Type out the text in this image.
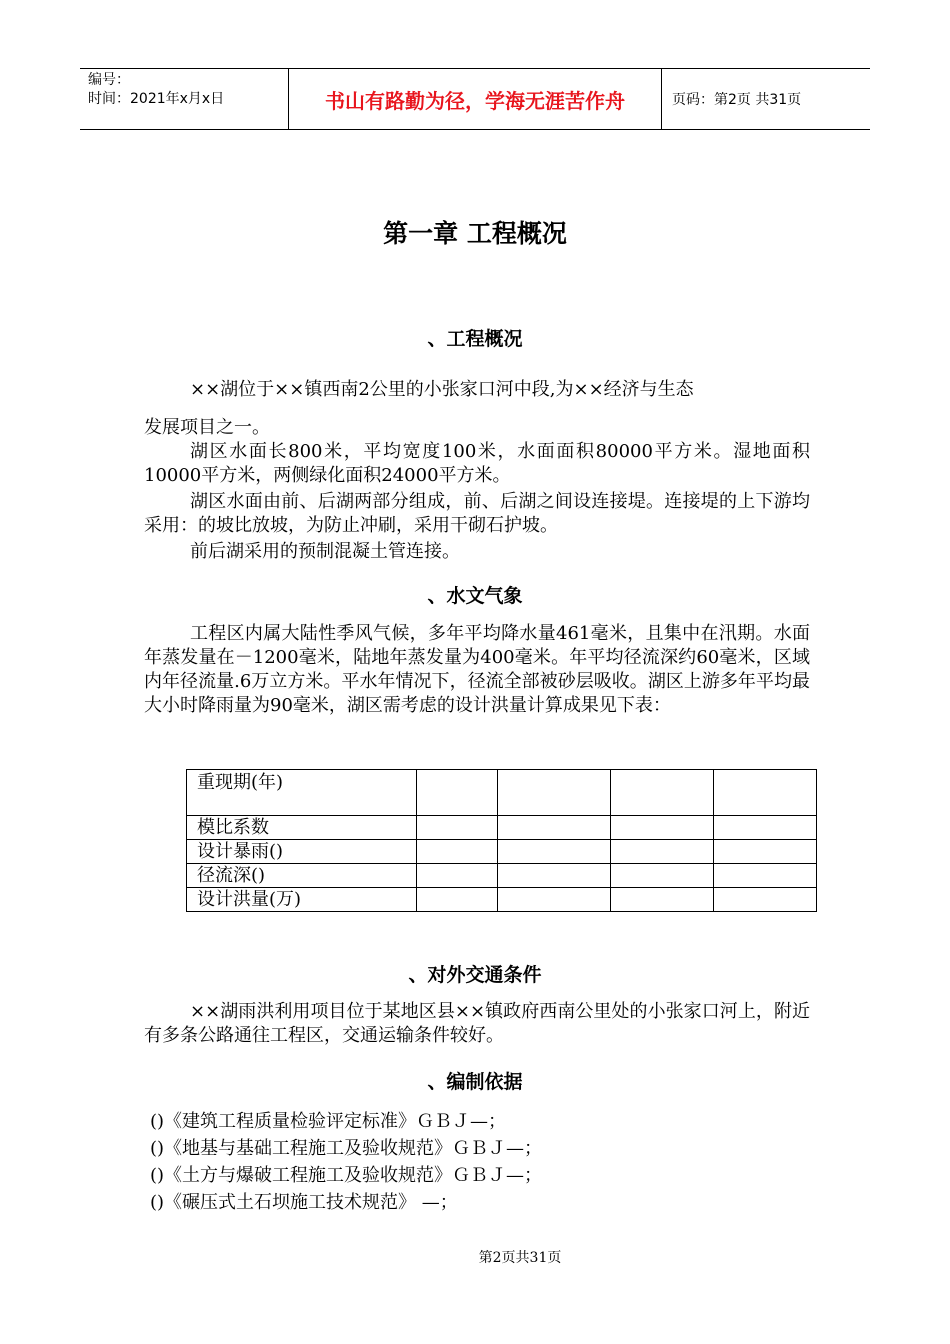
编号：
时间：2021年x月x日	书山有路勤为径，学海无涯苦作舟	页码：第2页 共31页
第一章 工程概况
、工程概况
××湖位于××镇西南2公里的小张家口河中段,为××经济与生态
发展项目之一。

湖区水面长800米，平均宽度100米，水面面积80000平方米。湿地面积10000平方米，两侧绿化面积24000平方米。

湖区水面由前、后湖两部分组成，前、后湖之间设连接堤。连接堤的上下游均采用：的坡比放坡，为防止冲刷，采用干砌石护坡。

前后湖采用的预制混凝土管连接。

、水文气象

工程区内属大陆性季风气候，多年平均降水量461毫米，且集中在汛期。水面年蒸发量在－1200毫米，陆地年蒸发量为400毫米。年平均径流深约60毫米，区域内年径流量.6万立方米。平水年情况下，径流全部被砂层吸收。湖区上游多年平均最大小时降雨量为90毫米，湖区需考虑的设计洪量计算成果见下表：

重现期(年)				
模比系数				
设计暴雨()				
径流深()				
设计洪量(万)				
、对外交通条件

××湖雨洪利用项目位于某地区县××镇政府西南公里处的小张家口河上，附近有多条公路通往工程区，交通运输条件较好。

、编制依据
()《建筑工程质量检验评定标准》ＧＢＪ—；
()《地基与基础工程施工及验收规范》ＧＢＪ—；
()《土方与爆破工程施工及验收规范》ＧＢＪ—；
()《碾压式土石坝施工技术规范》 —；
第2页共31页
